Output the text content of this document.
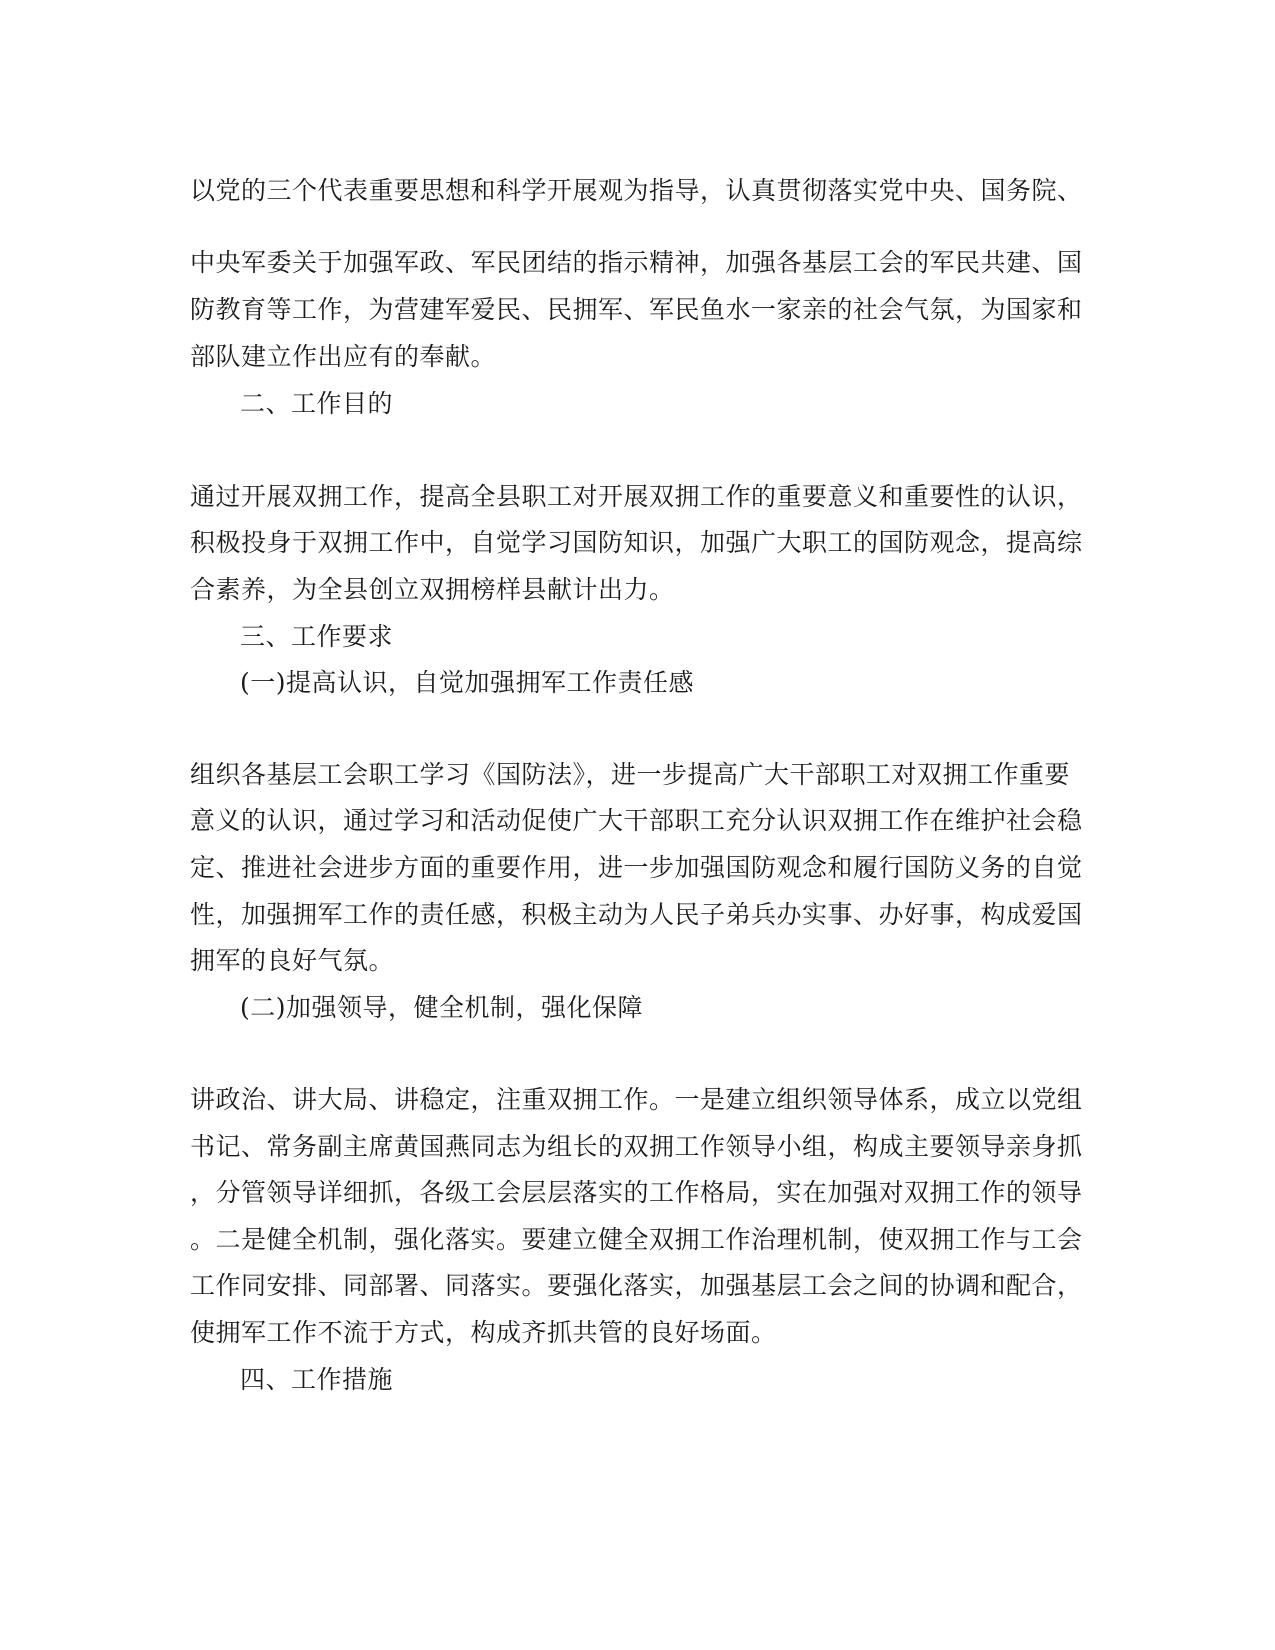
以党的三个代表重要思想和科学开展观为指导，认真贯彻落实党中央、国务院、
中央军委关于加强军政、军民团结的指示精神，加强各基层工会的军民共建、国
防教育等工作，为营建军爱民、民拥军、军民鱼水一家亲的社会气氛，为国家和
部队建立作出应有的奉献。
二、工作目的
通过开展双拥工作，提高全县职工对开展双拥工作的重要意义和重要性的认识，
积极投身于双拥工作中，自觉学习国防知识，加强广大职工的国防观念，提高综
合素养，为全县创立双拥榜样县献计出力。
三、工作要求
(一)提高认识，自觉加强拥军工作责任感
组织各基层工会职工学习《国防法》，进一步提高广大干部职工对双拥工作重要
意义的认识，通过学习和活动促使广大干部职工充分认识双拥工作在维护社会稳
定、推进社会进步方面的重要作用，进一步加强国防观念和履行国防义务的自觉
性，加强拥军工作的责任感，积极主动为人民子弟兵办实事、办好事，构成爱国
拥军的良好气氛。
(二)加强领导，健全机制，强化保障
讲政治、讲大局、讲稳定，注重双拥工作。一是建立组织领导体系，成立以党组
书记、常务副主席黄国燕同志为组长的双拥工作领导小组，构成主要领导亲身抓
，分管领导详细抓，各级工会层层落实的工作格局，实在加强对双拥工作的领导
。二是健全机制，强化落实。要建立健全双拥工作治理机制，使双拥工作与工会
工作同安排、同部署、同落实。要强化落实，加强基层工会之间的协调和配合，
使拥军工作不流于方式，构成齐抓共管的良好场面。
四、工作措施
